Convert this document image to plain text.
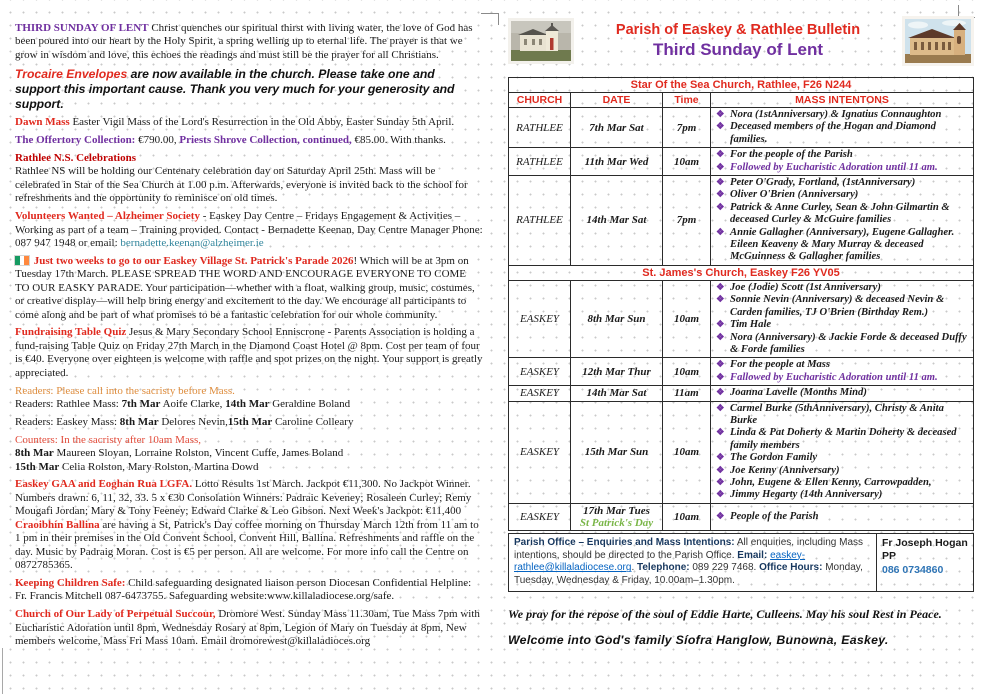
THIRD SUNDAY OF LENT Christ quenches our spiritual thirst with living water, the love of God has been poured into our heart by the Holy Spirit, a spring welling up to eternal life. The prayer is that we grow in wisdom and love, this echoes the readings and must still be the prayer for all Christians.

Trocaire Envelopes are now available in the church. Please take one and support this important cause. Thank you very much for your generosity and support.

Dawn Mass Easter Vigil Mass of the Lord's Resurrection in the Old Abby, Easter Sunday 5th April.

The Offertory Collection: €790.00, Priests Shrove Collection, continued, €85.00. With thanks.

Rathlee N.S. Celebrations

Rathlee NS will be holding our Centenary celebration day on Saturday April 25th. Mass will be celebrated in Star of the Sea Church at 1.00 p.m. Afterwards, everyone is invited back to the school for refreshments and the opportunity to reminisce on old times.

Volunteers Wanted – Alzheimer Society - Easkey Day Centre – Fridays Engagement & Activities – Working as part of a team – Training provided. Contact - Bernadette Keenan, Day Centre Manager Phone: 087 947 1948 or email: bernadette.keenan@alzheimer.ie

Just two weeks to go to our Easkey Village St. Patrick's Parade 2026! Which will be at 3pm on Tuesday 17th March. PLEASE SPREAD THE WORD AND ENCOURAGE EVERYONE TO COME TO OUR EASKY PARADE. Your participation—whether with a float, walking group, music, costumes, or creative display—will help bring energy and excitement to the day. We encourage all participants to come along and be part of what promises to be a fantastic celebration for our whole community.

Fundraising Table Quiz Jesus & Mary Secondary School Enniscrone - Parents Association is holding a fund-raising Table Quiz on Friday 27th March in the Diamond Coast Hotel @ 8pm. Cost per team of four is €40. Everyone over eighteen is welcome with raffle and spot prizes on the night. Your support is greatly appreciated.

Readers: Please call into the sacristy before Mass.

Readers: Rathlee Mass: 7th Mar Aoife Clarke, 14th Mar Geraldine Boland

Readers: Easkey Mass: 8th Mar Delores Nevin,15th Mar Caroline Colleary

Counters: In the sacristy after 10am Mass,

8th Mar Maureen Sloyan, Lorraine Rolston, Vincent Cuffe, James Boland

15th Mar Celia Rolston, Mary Rolston, Martina Dowd

Easkey GAA and Eoghan Rua LGFA. Lotto Results 1st March. Jackpot €11,300. No Jackpot Winner. Numbers drawn: 6, 11, 32, 33. 5 x €30 Consolation Winners: Padraic Keveney; Rosaleen Curley; Remy Mougafi Jordan; Mary & Tony Feeney; Edward Clarke & Leo Gibson. Next Week's Jackpot: €11,400

Craoibhín Ballina are having a St, Patrick's Day coffee morning on Thursday March 12th from 11 am to 1 pm in their premises in the Old Convent School, Convent Hill, Ballina. Refreshments and raffle on the day. Music by Padraig Moran. Cost is €5 per person. All are welcome. For more info call the Centre on 0872785365.

Keeping Children Safe: Child safeguarding designated liaison person Diocesan Confidential Helpline: Fr. Francis Mitchell 087-6473755. Safeguarding website:www.killaladiocese.org/safe.

Church of Our Lady of Perpetual Succour, Dromore West. Sunday Mass 11.30am, Tue Mass 7pm with Eucharistic Adoration until 8pm, Wednesday Rosary at 8pm, Legion of Mary on Tuesday at 8pm, New members welcome, Mass Fri Mass 10am. Email dromorewest@killaladioces.org

Parish of Easkey & Rathlee Bulletin
Third Sunday of Lent
Star Of the Sea Church, Rathlee, F26 N244			
CHURCH	DATE	Time	MASS INTENTONS
RATHLEE	7th Mar Sat	7pm	❖ Nora (1stAnniversary) & Ignatius Connaughton
❖ Deceased members of the Hogan and Diamond families.

RATHLEE	11th Mar Wed	10am	❖ For the people of the Parish
❖ Followed by Eucharistic Adoration until 11 am.

RATHLEE	14th Mar Sat	7pm	
❖ Peter O'Grady, Fortland, (1stAnniversary)
❖ Oliver O'Brien (Anniversary)
❖ Patrick & Anne Curley, Sean & John Gilmartin & deceased Curley & McGuire families
❖ Annie Gallagher (Anniversary), Eugene Gallagher. Eileen Keaveny & Mary Murray & deceased McGuinness & Gallagher families

St. James's Church, Easkey F26 YV05			
EASKEY	8th Mar Sun	10am	
❖ Joe (Jodie) Scott (1st Anniversary)
❖ Sonnie Nevin (Anniversary) & deceased Nevin & Carden families, TJ O'Brien (Birthday Rem.)
❖ Tim Hale
❖ Nora (Anniversary) & Jackie Forde & deceased Duffy & Forde families

EASKEY	12th Mar Thur	10am	❖ For the people at Mass
❖ Fallowed by Eucharistic Adoration until 11 am.

EASKEY	14th Mar Sat	11am	❖ Joanna Lavelle (Months Mind)

EASKEY	15th Mar Sun	10am	
❖ Carmel Burke (5thAnniversary), Christy & Anita Burke
❖ Linda & Pat Doherty & Martin Doherty & deceased family members
❖ The Gordon Family
❖ Joe Kenny (Anniversary)
❖ John, Eugene & Ellen Kenny, Carrowpadden,
❖ Jimmy Hegarty (14th Anniversary)

EASKEY	17th Mar Tues
St Patrick's Day	10am	❖ People of the Parish
Parish Office – Enquiries and Mass Intentions: All enquiries, including Mass intentions, should be directed to the Parish Office. Email: easkey-rathlee@killaladiocese.org. Telephone: 089 229 7468. Office Hours: Monday, Tuesday, Wednesday & Friday, 10.00am–1.30pm.	
Fr Joseph Hogan PP
086 0734860

We pray for the repose of the soul of Eddie Harte, Culleens. May his soul Rest in Peace.

Welcome into God's family Síofra Hanglow, Bunowna, Easkey.
